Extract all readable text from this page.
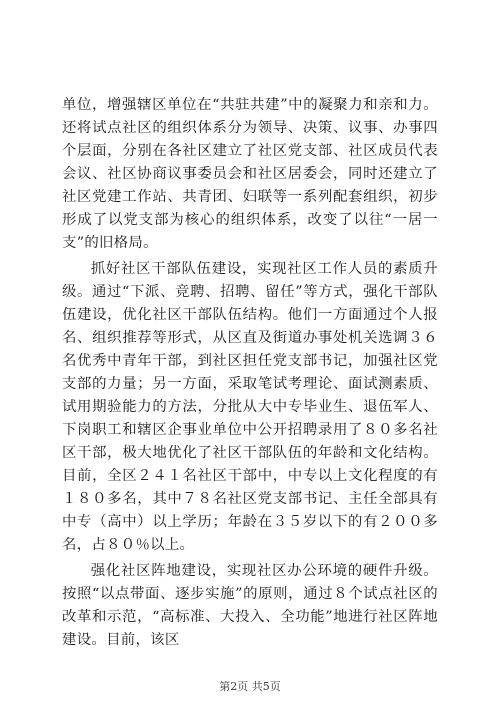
单位，增强辖区单位在“共驻共建”中的凝聚力和亲和力。还将试点社区的组织体系分为领导、决策、议事、办事四个层面，分别在各社区建立了社区党支部、社区成员代表会议、社区协商议事委员会和社区居委会，同时还建立了社区党建工作站、共青团、妇联等一系列配套组织，初步形成了以党支部为核心的组织体系，改变了以往“一居一支”的旧格局。

抓好社区干部队伍建设，实现社区工作人员的素质升级。通过“下派、竞聘、招聘、留任”等方式，强化干部队伍建设，优化社区干部队伍结构。他们一方面通过个人报名、组织推荐等形式，从区直及街道办事处机关选调３６名优秀中青年干部，到社区担任党支部书记，加强社区党支部的力量；另一方面，采取笔试考理论、面试测素质、试用期验能力的方法，分批从大中专毕业生、退伍军人、下岗职工和辖区企事业单位中公开招聘录用了８０多名社区干部，极大地优化了社区干部队伍的年龄和文化结构。目前，全区２４１名社区干部中，中专以上文化程度的有１８０多名，其中７８名社区党支部书记、主任全部具有中专（高中）以上学历；年龄在３５岁以下的有２００多名，占８０％以上。

强化社区阵地建设，实现社区办公环境的硬件升级。按照“以点带面、逐步实施”的原则，通过８个试点社区的改革和示范，“高标准、大投入、全功能”地进行社区阵地建设。目前，该区

第2页 共5页
